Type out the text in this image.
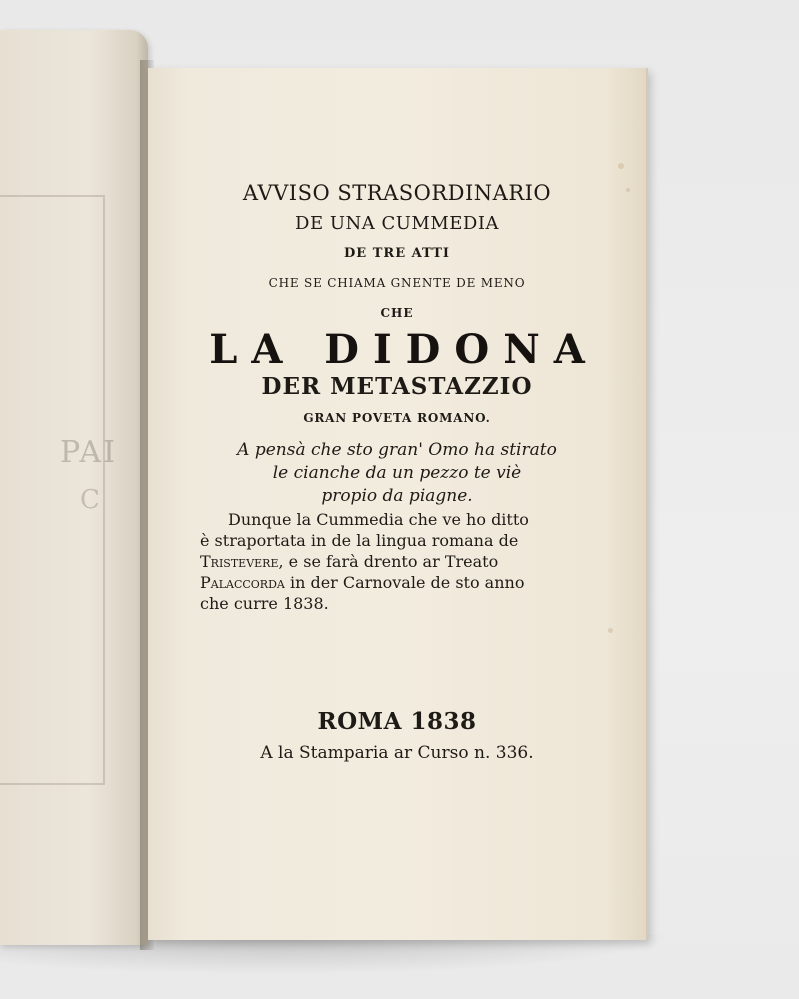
PAI
C
AVVISO STRASORDINARIO
DE UNA CUMMEDIA
DE TRE ATTI
CHE SE CHIAMA GNENTE DE MENO
CHE
LA DIDONA
DER METASTAZZIO
GRAN POVETA ROMANO.
A pensà che sto gran' Omo ha stirato
le cianche da un pezzo te viè
propio da piagne.
Dunque la Cummedia che ve ho ditto
è straportata in de la lingua romana de
Tristevere, e se farà drento ar Treato
Palaccorda in der Carnovale de sto anno
che curre 1838.
ROMA 1838
A la Stamparia ar Curso n. 336.
